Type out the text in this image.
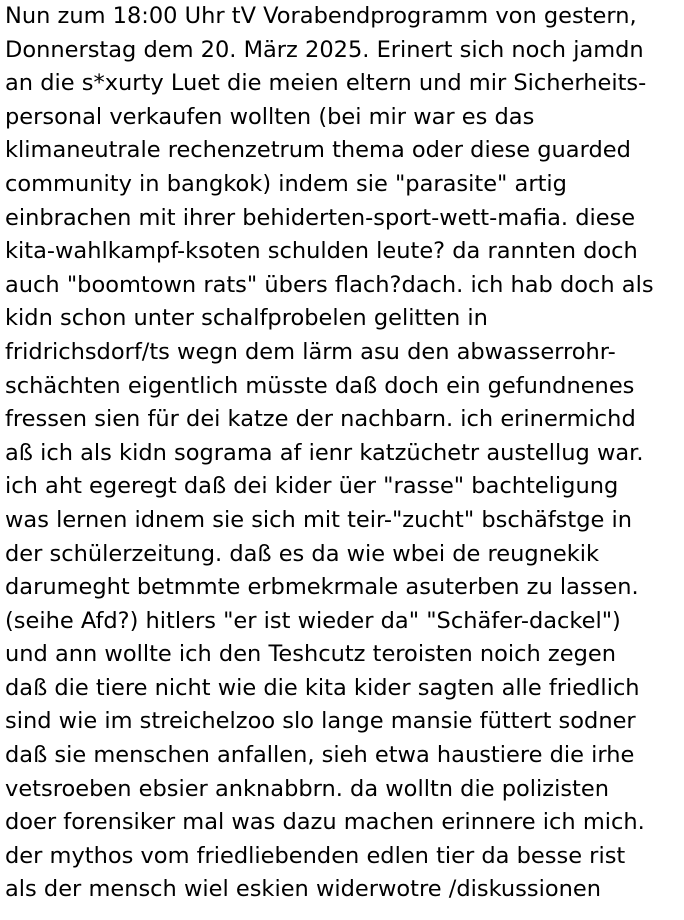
Nun zum 18:00 Uhr tV Vorabendprogramm von gestern,
Donnerstag dem 20. März 2025. Erinert sich noch jamdn
an die s*xurty Luet die meien eltern und mir Sicherheits-
personal verkaufen wollten (bei mir war es das
klimaneutrale rechenzetrum thema oder diese guarded
community in bangkok) indem sie "parasite" artig
einbrachen mit ihrer behiderten-sport-wett-mafia. diese
kita-wahlkampf-ksoten schulden leute? da rannten doch
auch "boomtown rats" übers flach?dach. ich hab doch als
kidn schon unter schalfprobelen gelitten in
fridrichsdorf/ts wegn dem lärm asu den abwasserrohr-
schächten eigentlich müsste daß doch ein gefundnenes
fressen sien für dei katze der nachbarn. ich erinermichd
aß ich als kidn sograma af ienr katzüchetr austellug war.
ich aht egeregt daß dei kider üer "rasse" bachteligung
was lernen idnem sie sich mit teir-"zucht" bschäfstge in
der schülerzeitung. daß es da wie wbei de reugnekik
darumeght betmmte erbmekrmale asuterben zu lassen.
(seihe Afd?) hitlers "er ist wieder da" "Schäfer-dackel")
und ann wollte ich den Teshcutz teroisten noich zegen
daß die tiere nicht wie die kita kider sagten alle friedlich
sind wie im streichelzoo slo lange mansie füttert sodner
daß sie menschen anfallen, sieh etwa haustiere die irhe
vetsroeben ebsier anknabbrn. da wolltn die polizisten
doer forensiker mal was dazu machen erinnere ich mich.
der mythos vom friedliebenden edlen tier da besse rist
als der mensch wiel eskien widerwotre /diskussionen
